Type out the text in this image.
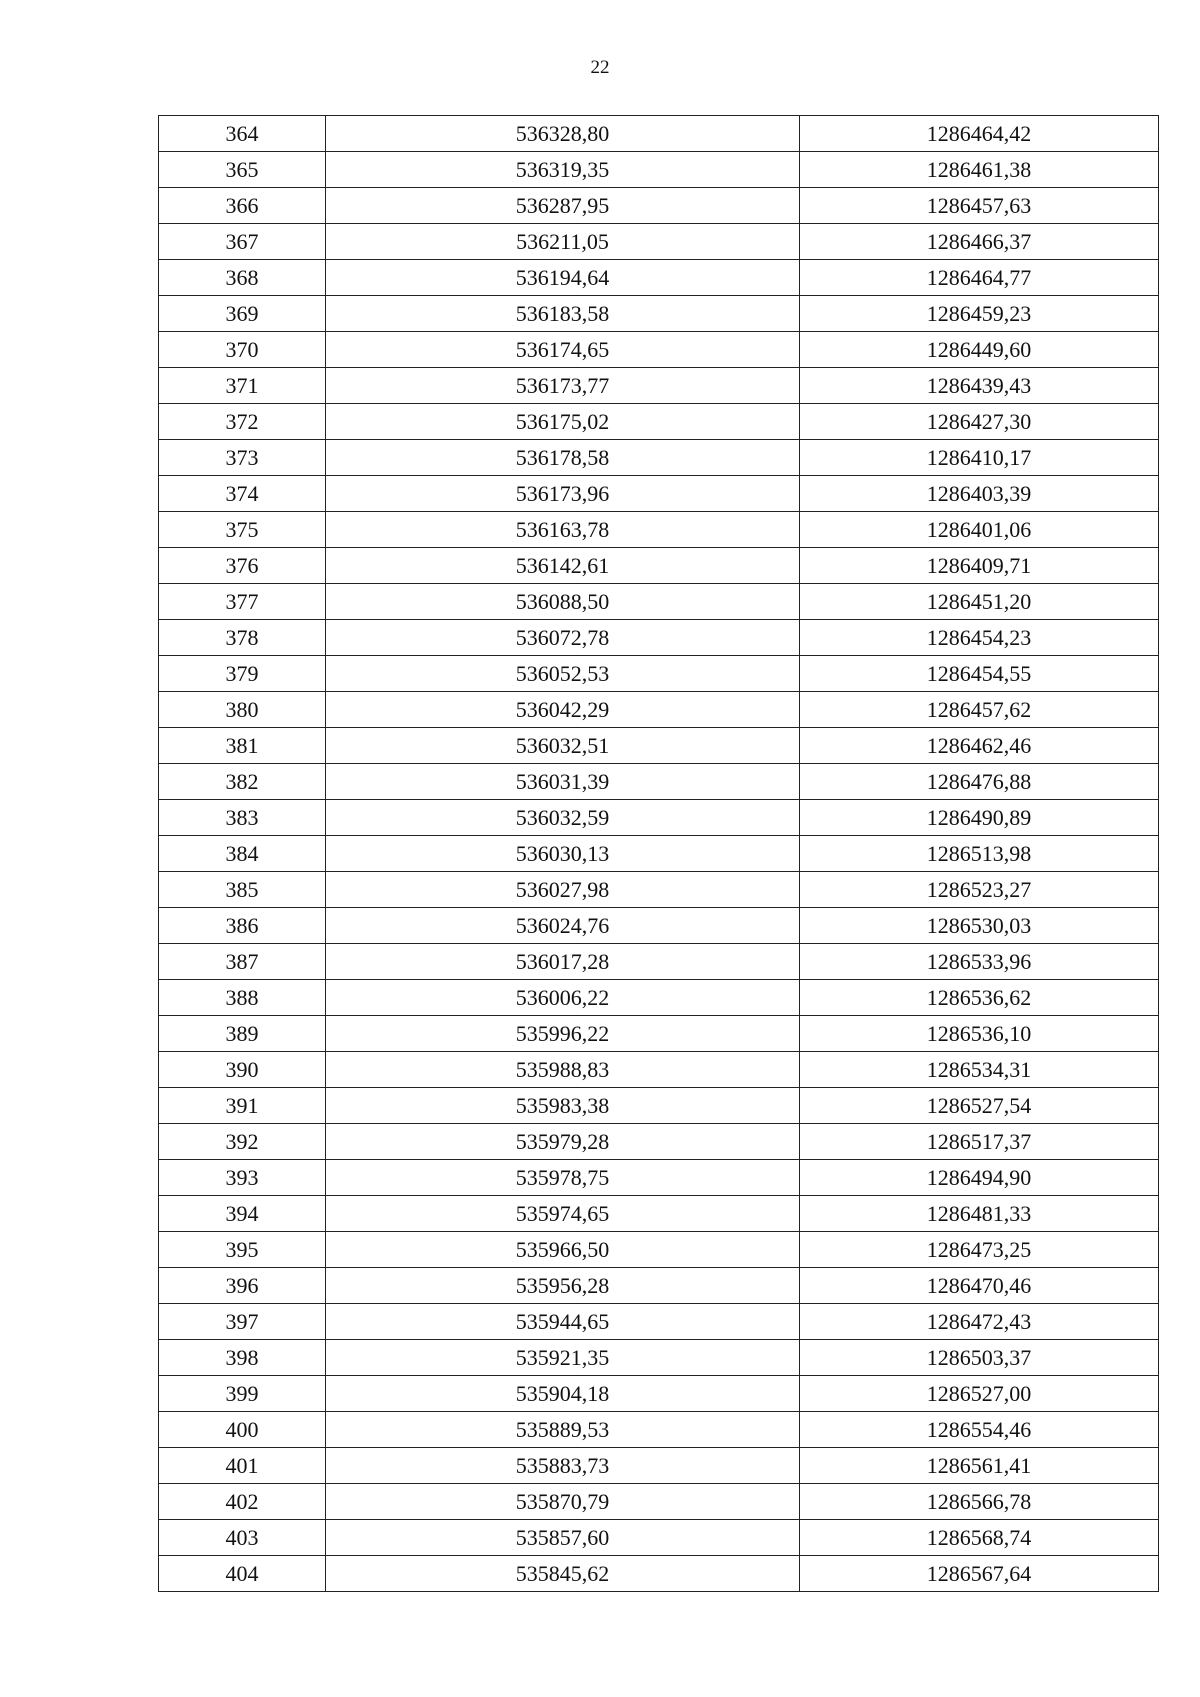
22
364	536328,80	1286464,42
365	536319,35	1286461,38
366	536287,95	1286457,63
367	536211,05	1286466,37
368	536194,64	1286464,77
369	536183,58	1286459,23
370	536174,65	1286449,60
371	536173,77	1286439,43
372	536175,02	1286427,30
373	536178,58	1286410,17
374	536173,96	1286403,39
375	536163,78	1286401,06
376	536142,61	1286409,71
377	536088,50	1286451,20
378	536072,78	1286454,23
379	536052,53	1286454,55
380	536042,29	1286457,62
381	536032,51	1286462,46
382	536031,39	1286476,88
383	536032,59	1286490,89
384	536030,13	1286513,98
385	536027,98	1286523,27
386	536024,76	1286530,03
387	536017,28	1286533,96
388	536006,22	1286536,62
389	535996,22	1286536,10
390	535988,83	1286534,31
391	535983,38	1286527,54
392	535979,28	1286517,37
393	535978,75	1286494,90
394	535974,65	1286481,33
395	535966,50	1286473,25
396	535956,28	1286470,46
397	535944,65	1286472,43
398	535921,35	1286503,37
399	535904,18	1286527,00
400	535889,53	1286554,46
401	535883,73	1286561,41
402	535870,79	1286566,78
403	535857,60	1286568,74
404	535845,62	1286567,64
